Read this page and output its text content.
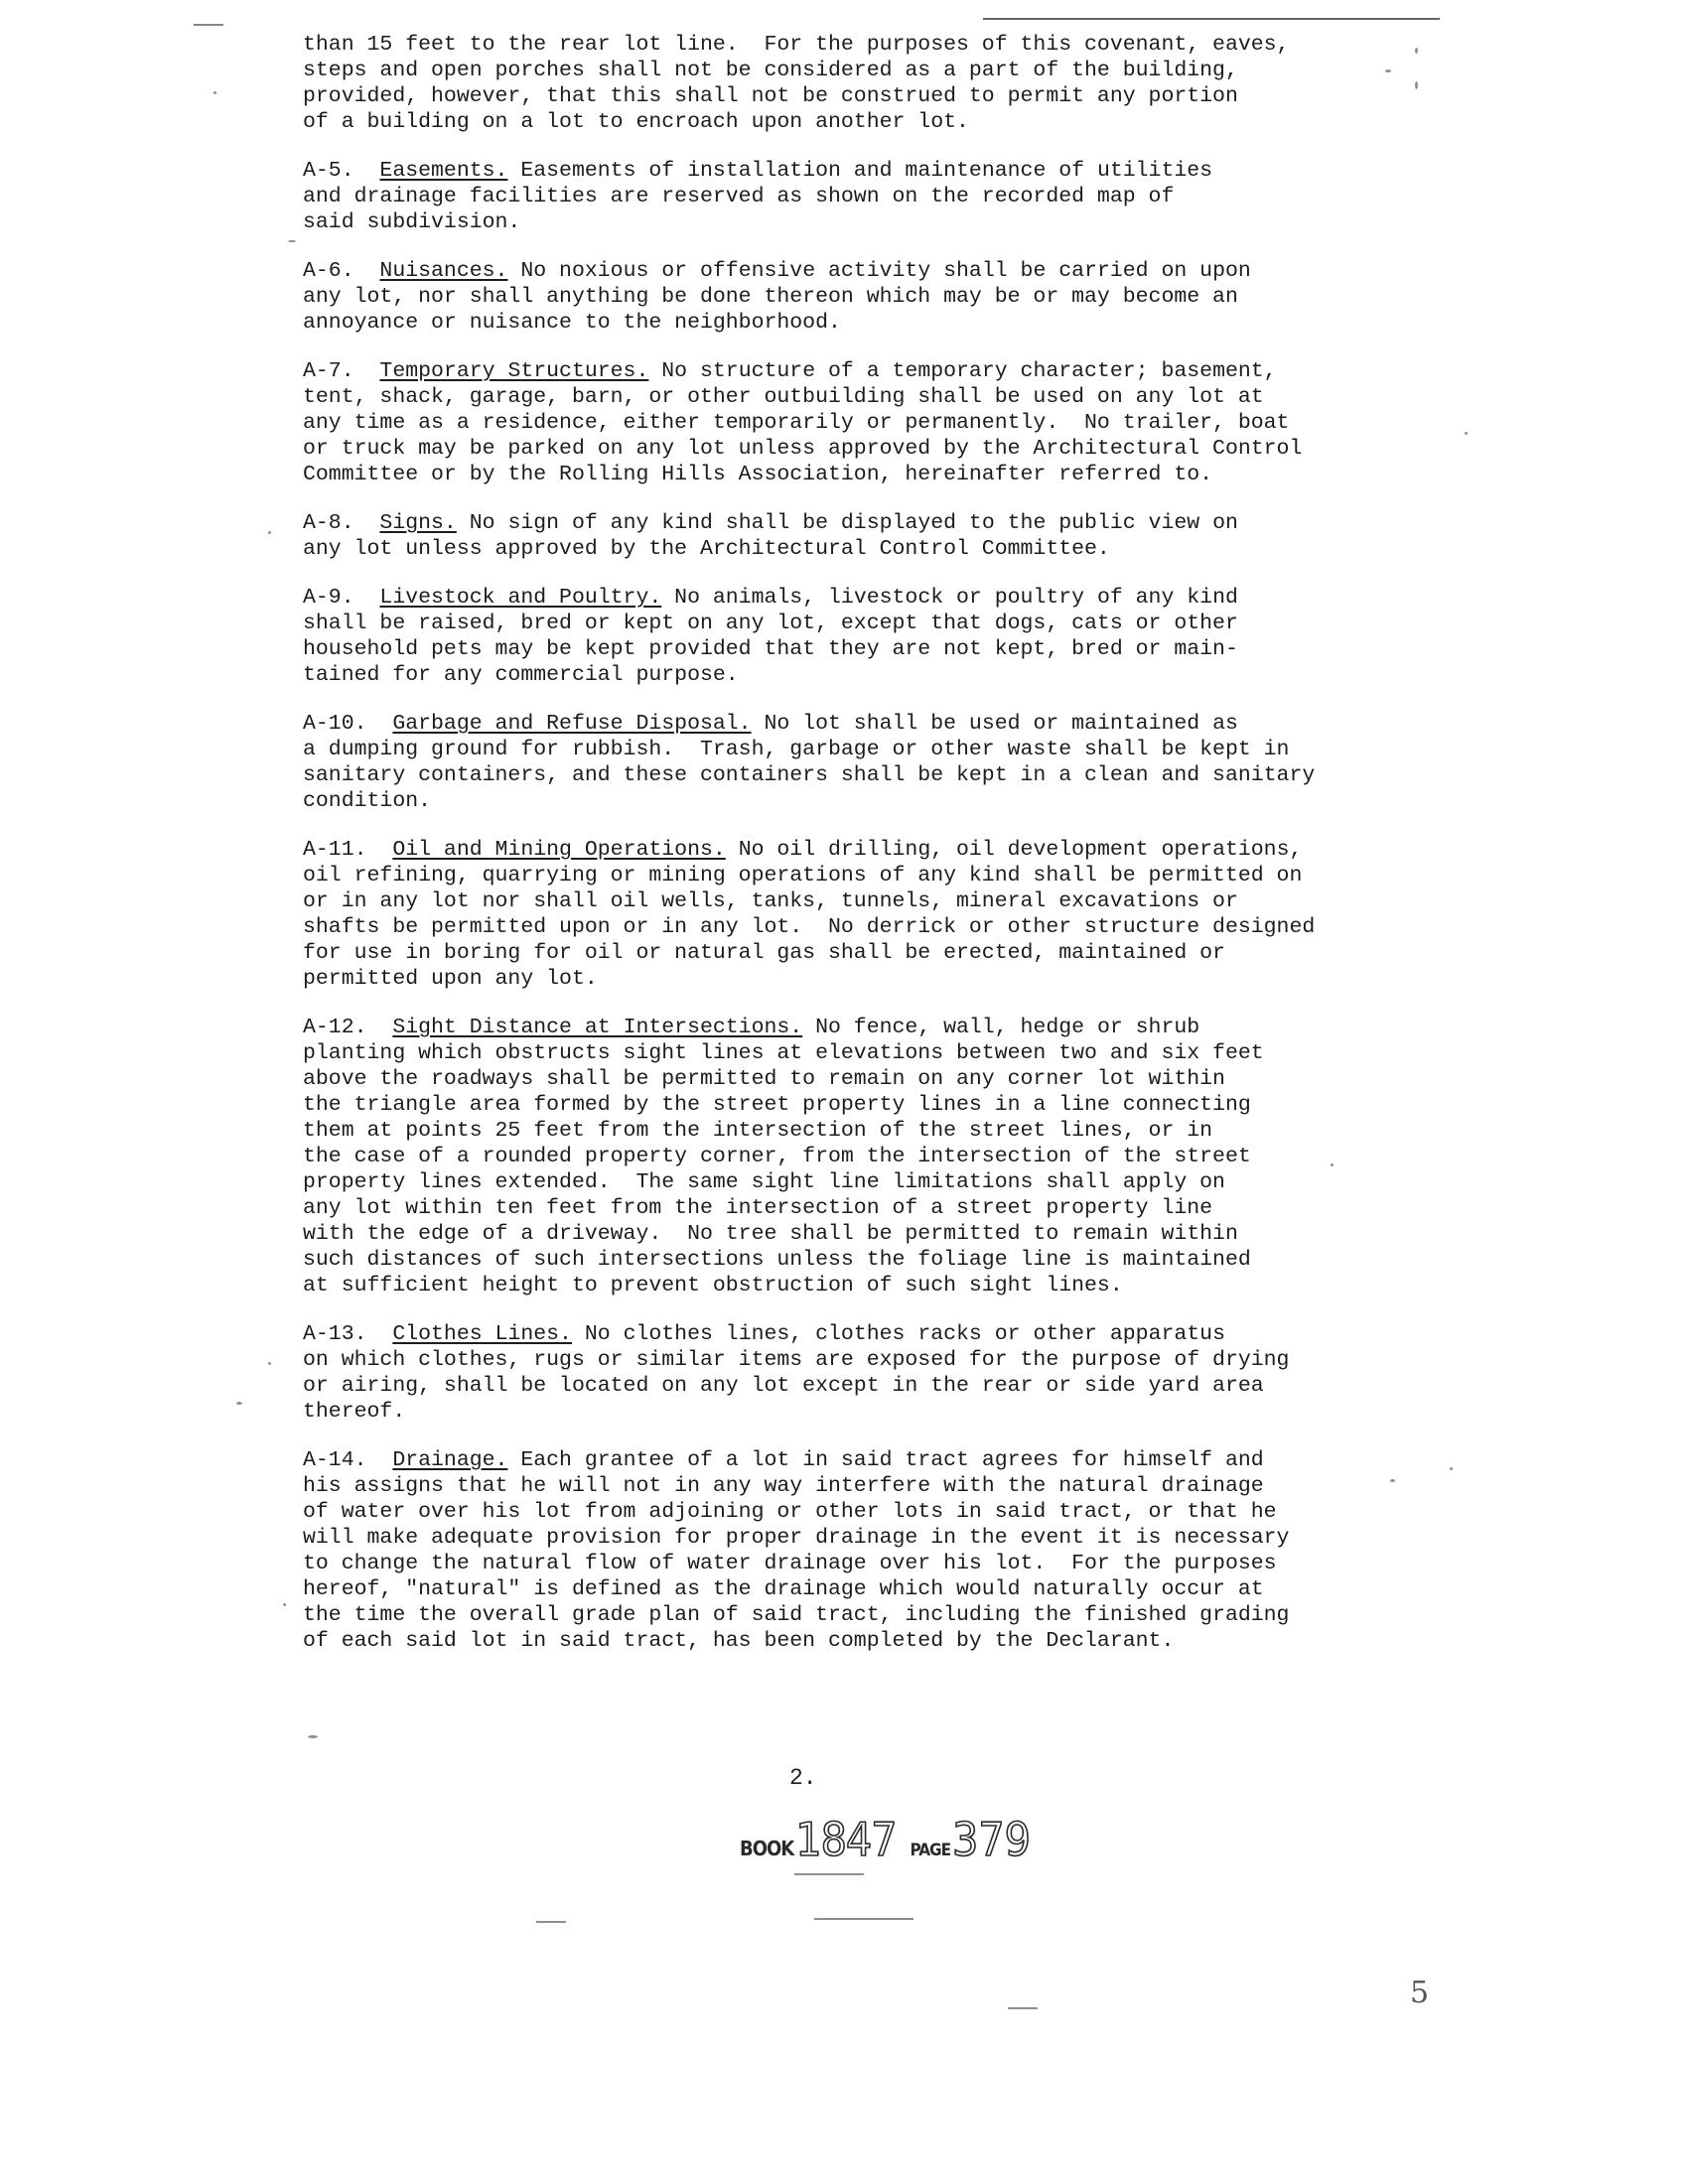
than 15 feet to the rear lot line.  For the purposes of this covenant, eaves,
steps and open porches shall not be considered as a part of the building,
provided, however, that this shall not be construed to permit any portion
of a building on a lot to encroach upon another lot.
A-5. Easements. Easements of installation and maintenance of utilities
and drainage facilities are reserved as shown on the recorded map of
said subdivision.
A-6. Nuisances. No noxious or offensive activity shall be carried on upon
any lot, nor shall anything be done thereon which may be or may become an
annoyance or nuisance to the neighborhood.
A-7. Temporary Structures. No structure of a temporary character; basement,
tent, shack, garage, barn, or other outbuilding shall be used on any lot at
any time as a residence, either temporarily or permanently.  No trailer, boat
or truck may be parked on any lot unless approved by the Architectural Control
Committee or by the Rolling Hills Association, hereinafter referred to.
A-8. Signs. No sign of any kind shall be displayed to the public view on
any lot unless approved by the Architectural Control Committee.
A-9. Livestock and Poultry. No animals, livestock or poultry of any kind
shall be raised, bred or kept on any lot, except that dogs, cats or other
household pets may be kept provided that they are not kept, bred or main-
tained for any commercial purpose.
A-10. Garbage and Refuse Disposal. No lot shall be used or maintained as
a dumping ground for rubbish.  Trash, garbage or other waste shall be kept in
sanitary containers, and these containers shall be kept in a clean and sanitary
condition.
A-11. Oil and Mining Operations. No oil drilling, oil development operations,
oil refining, quarrying or mining operations of any kind shall be permitted on
or in any lot nor shall oil wells, tanks, tunnels, mineral excavations or
shafts be permitted upon or in any lot.  No derrick or other structure designed
for use in boring for oil or natural gas shall be erected, maintained or
permitted upon any lot.
A-12. Sight Distance at Intersections. No fence, wall, hedge or shrub
planting which obstructs sight lines at elevations between two and six feet
above the roadways shall be permitted to remain on any corner lot within
the triangle area formed by the street property lines in a line connecting
them at points 25 feet from the intersection of the street lines, or in
the case of a rounded property corner, from the intersection of the street
property lines extended.  The same sight line limitations shall apply on
any lot within ten feet from the intersection of a street property line
with the edge of a driveway.  No tree shall be permitted to remain within
such distances of such intersections unless the foliage line is maintained
at sufficient height to prevent obstruction of such sight lines.
A-13. Clothes Lines. No clothes lines, clothes racks or other apparatus
on which clothes, rugs or similar items are exposed for the purpose of drying
or airing, shall be located on any lot except in the rear or side yard area
thereof.
A-14. Drainage. Each grantee of a lot in said tract agrees for himself and
his assigns that he will not in any way interfere with the natural drainage
of water over his lot from adjoining or other lots in said tract, or that he
will make adequate provision for proper drainage in the event it is necessary
to change the natural flow of water drainage over his lot.  For the purposes
hereof, "natural" is defined as the drainage which would naturally occur at
the time the overall grade plan of said tract, including the finished grading
of each said lot in said tract, has been completed by the Declarant.
2.
BOOK 1847 PAGE 379
5
